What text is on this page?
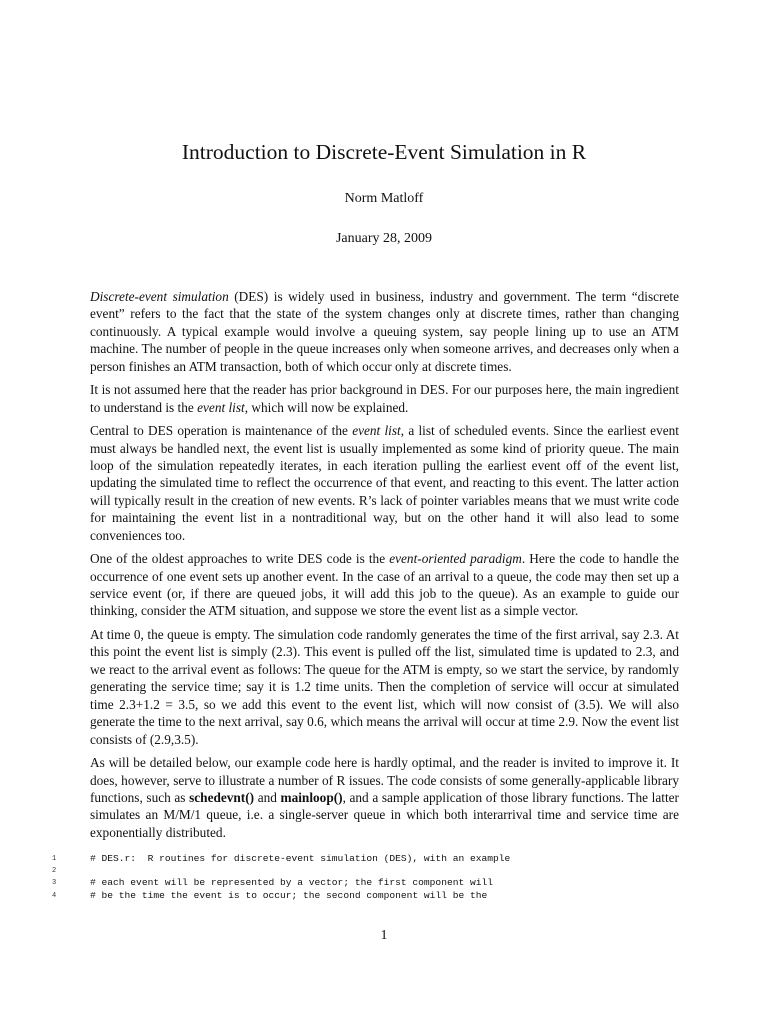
Introduction to Discrete-Event Simulation in R
Norm Matloff
January 28, 2009

Discrete-event simulation (DES) is widely used in business, industry and government. The term “discrete event” refers to the fact that the state of the system changes only at discrete times, rather than changing continuously. A typical example would involve a queuing system, say people lining up to use an ATM machine. The number of people in the queue increases only when someone arrives, and decreases only when a person finishes an ATM transaction, both of which occur only at discrete times.

It is not assumed here that the reader has prior background in DES. For our purposes here, the main ingredient to understand is the event list, which will now be explained.

Central to DES operation is maintenance of the event list, a list of scheduled events. Since the earliest event must always be handled next, the event list is usually implemented as some kind of priority queue. The main loop of the simulation repeatedly iterates, in each iteration pulling the earliest event off of the event list, updating the simulated time to reflect the occurrence of that event, and reacting to this event. The latter action will typically result in the creation of new events. R’s lack of pointer variables means that we must write code for maintaining the event list in a nontraditional way, but on the other hand it will also lead to some conveniences too.

One of the oldest approaches to write DES code is the event-oriented paradigm. Here the code to handle the occurrence of one event sets up another event. In the case of an arrival to a queue, the code may then set up a service event (or, if there are queued jobs, it will add this job to the queue). As an example to guide our thinking, consider the ATM situation, and suppose we store the event list as a simple vector.

At time 0, the queue is empty. The simulation code randomly generates the time of the first arrival, say 2.3. At this point the event list is simply (2.3). This event is pulled off the list, simulated time is updated to 2.3, and we react to the arrival event as follows: The queue for the ATM is empty, so we start the service, by randomly generating the service time; say it is 1.2 time units. Then the completion of service will occur at simulated time 2.3+1.2 = 3.5, so we add this event to the event list, which will now consist of (3.5). We will also generate the time to the next arrival, say 0.6, which means the arrival will occur at time 2.9. Now the event list consists of (2.9,3.5).

As will be detailed below, our example code here is hardly optimal, and the reader is invited to improve it. It does, however, serve to illustrate a number of R issues. The code consists of some generally-applicable library functions, such as schedevnt() and mainloop(), and a sample application of those library functions. The latter simulates an M/M/1 queue, i.e. a single-server queue in which both interarrival time and service time are exponentially distributed.

1	# DES.r:  R routines for discrete-event simulation (DES), with an example
2
3	# each event will be represented by a vector; the first component will
4	# be the time the event is to occur; the second component will be the
1
